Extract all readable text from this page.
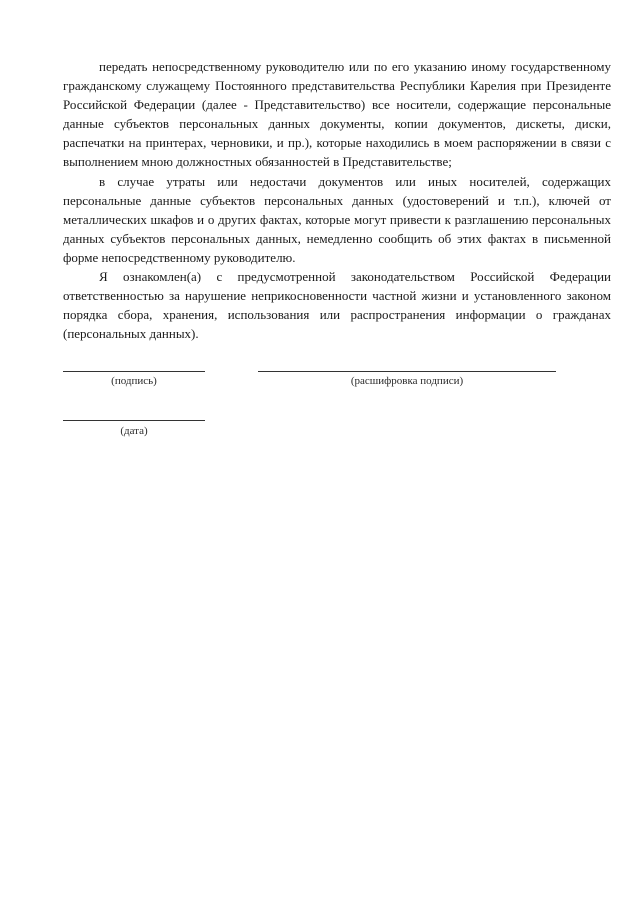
передать непосредственному руководителю или по его указанию иному государственному гражданскому служащему Постоянного представительства Республики Карелия при Президенте Российской Федерации (далее - Представительство) все носители, содержащие персональные данные субъектов персональных данных документы, копии документов, дискеты, диски, распечатки на принтерах, черновики, и пр.), которые находились в моем распоряжении в связи с выполнением мною должностных обязанностей в Представительстве;

в случае утраты или недостачи документов или иных носителей, содержащих персональные данные субъектов персональных данных (удостоверений и т.п.), ключей от металлических шкафов и о других фактах, которые могут привести к разглашению персональных данных субъектов персональных данных, немедленно сообщить об этих фактах в письменной форме непосредственному руководителю.

Я ознакомлен(а) с предусмотренной законодательством Российской Федерации ответственностью за нарушение неприкосновенности частной жизни и установленного законом порядка сбора, хранения, использования или распространения информации о гражданах (персональных данных).

(подпись)	(расшифровка подписи)
(дата)
